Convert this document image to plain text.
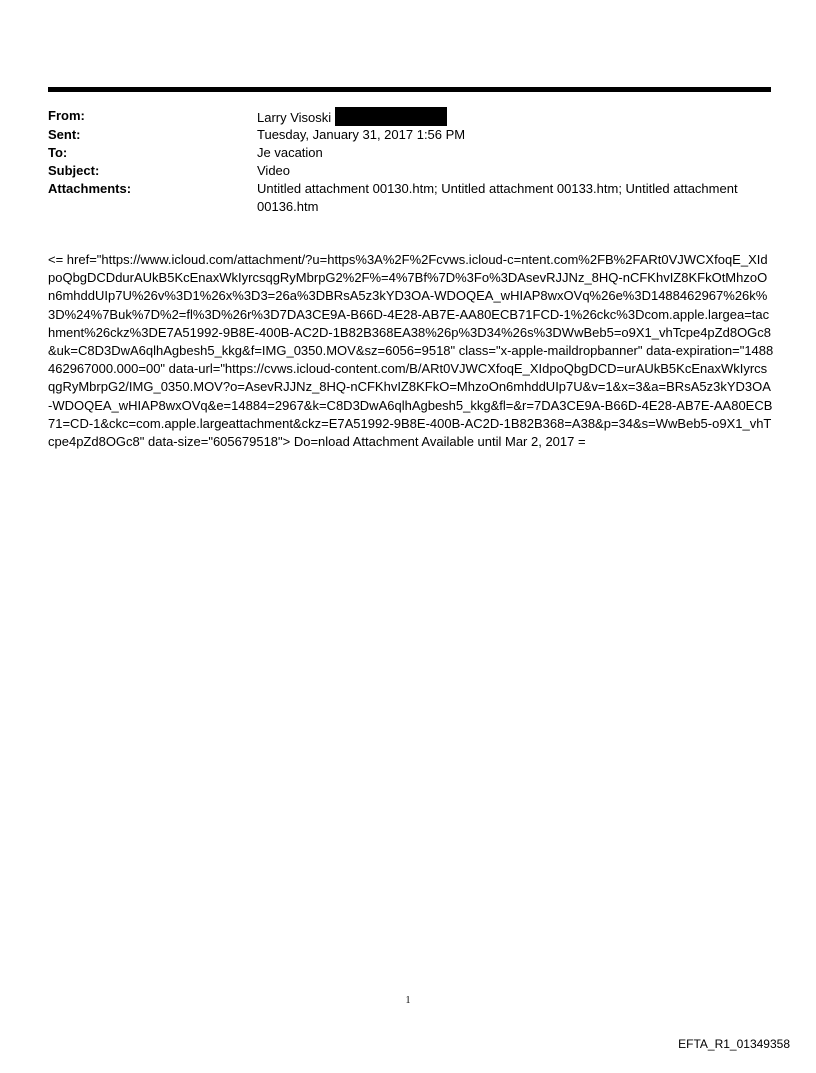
From:	Larry Visoski
Sent:	Tuesday, January 31, 2017 1:56 PM
To:	Je vacation
Subject:	Video
Attachments:	Untitled attachment 00130.htm; Untitled attachment 00133.htm; Untitled attachment 00136.htm
<= href="https://www.icloud.com/attachment/?u=https%3A%2F%2Fcvws.icloud-c=ntent.com%2FB%2FARt0VJWCXfoqE_XIdpoQbgDCDdurAUkB5KcEnaxWkIyrcsqgRyMbrpG2%2F%=4%7Bf%7D%3Fo%3DAsevRJJNz_8HQ-nCFKhvIZ8KFkOtMhzoOn6mhddUIp7U%26v%3D1%26x%3D3=26a%3DBRsA5z3kYD3OA-WDOQEA_wHIAP8wxOVq%26e%3D1488462967%26k%3D%24%7Buk%7D%2=fl%3D%26r%3D7DA3CE9A-B66D-4E28-AB7E-AA80ECB71FCD-1%26ckc%3Dcom.apple.largea=tachment%26ckz%3DE7A51992-9B8E-400B-AC2D-1B82B368EA38%26p%3D34%26s%3DWwBeb5=o9X1_vhTcpe4pZd8OGc8&uk=C8D3DwA6qlhAgbesh5_kkg&f=IMG_0350.MOV&sz=6056=9518" class="x-apple-maildropbanner" data-expiration="1488462967000.000=00" data-url="https://cvws.icloud-content.com/B/ARt0VJWCXfoqE_XIdpoQbgDCD=urAUkB5KcEnaxWkIyrcsqgRyMbrpG2/IMG_0350.MOV?o=AsevRJJNz_8HQ-nCFKhvIZ8KFkO=MhzoOn6mhddUIp7U&v=1&x=3&a=BRsA5z3kYD3OA-WDOQEA_wHIAP8wxOVq&e=14884=2967&k=C8D3DwA6qlhAgbesh5_kkg&fl=&r=7DA3CE9A-B66D-4E28-AB7E-AA80ECB71=CD-1&ckc=com.apple.largeattachment&ckz=E7A51992-9B8E-400B-AC2D-1B82B368=A38&p=34&s=WwBeb5-o9X1_vhTcpe4pZd8OGc8" data-size="605679518"> Do=nload Attachment Available until Mar 2, 2017 =
1
EFTA_R1_01349358
